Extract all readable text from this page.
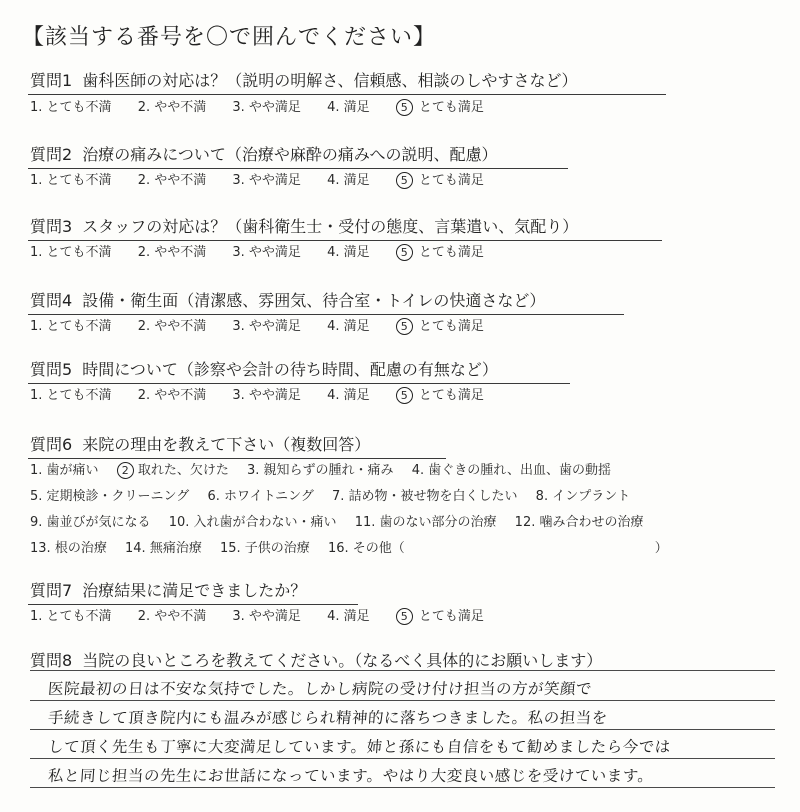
【該当する番号を〇で囲んでください】
質問1 歯科医師の対応は？（説明の明解さ、信頼感、相談のしやすさなど）
1. とても不満 2. やや不満 3. やや満足 4. 満足	5 とても満足
質問2 治療の痛みについて（治療や麻酔の痛みへの説明、配慮）
1. とても不満 2. やや不満 3. やや満足 4. 満足	5 とても満足
質問3 スタッフの対応は？（歯科衛生士・受付の態度、言葉遣い、気配り）
1. とても不満 2. やや不満 3. やや満足 4. 満足	5 とても満足
質問4 設備・衛生面（清潔感、雰囲気、待合室・トイレの快適さなど）
1. とても不満 2. やや不満 3. やや満足 4. 満足	5 とても満足
質問5 時間について（診察や会計の待ち時間、配慮の有無など）
1. とても不満 2. やや不満 3. やや満足 4. 満足	5 とても満足
質問6 来院の理由を教えて下さい（複数回答）
1. 歯が痛い 2 取れた、欠けた 3. 親知らずの腫れ・痛み 4. 歯ぐきの腫れ、出血、歯の動揺
5. 定期検診・クリーニング 6. ホワイトニング 7. 詰め物・被せ物を白くしたい 8. インプラント
9. 歯並びが気になる 10. 入れ歯が合わない・痛い 11. 歯のない部分の治療 12. 噛み合わせの治療
13. 根の治療 14. 無痛治療 15. 子供の治療 16. その他（	）
質問7 治療結果に満足できましたか？
1. とても不満 2. やや不満 3. やや満足 4. 満足	5 とても満足
質問8 当院の良いところを教えてください。（なるべく具体的にお願いします）
医院最初の日は不安な気持でした。しかし病院の受け付け担当の方が笑顔で
手続きして頂き院内にも温みが感じられ精神的に落ちつきました。私の担当を
して頂く先生も丁寧に大変満足しています。姉と孫にも自信をもて勧めましたら今では
私と同じ担当の先生にお世話になっています。やはり大変良い感じを受けています。
